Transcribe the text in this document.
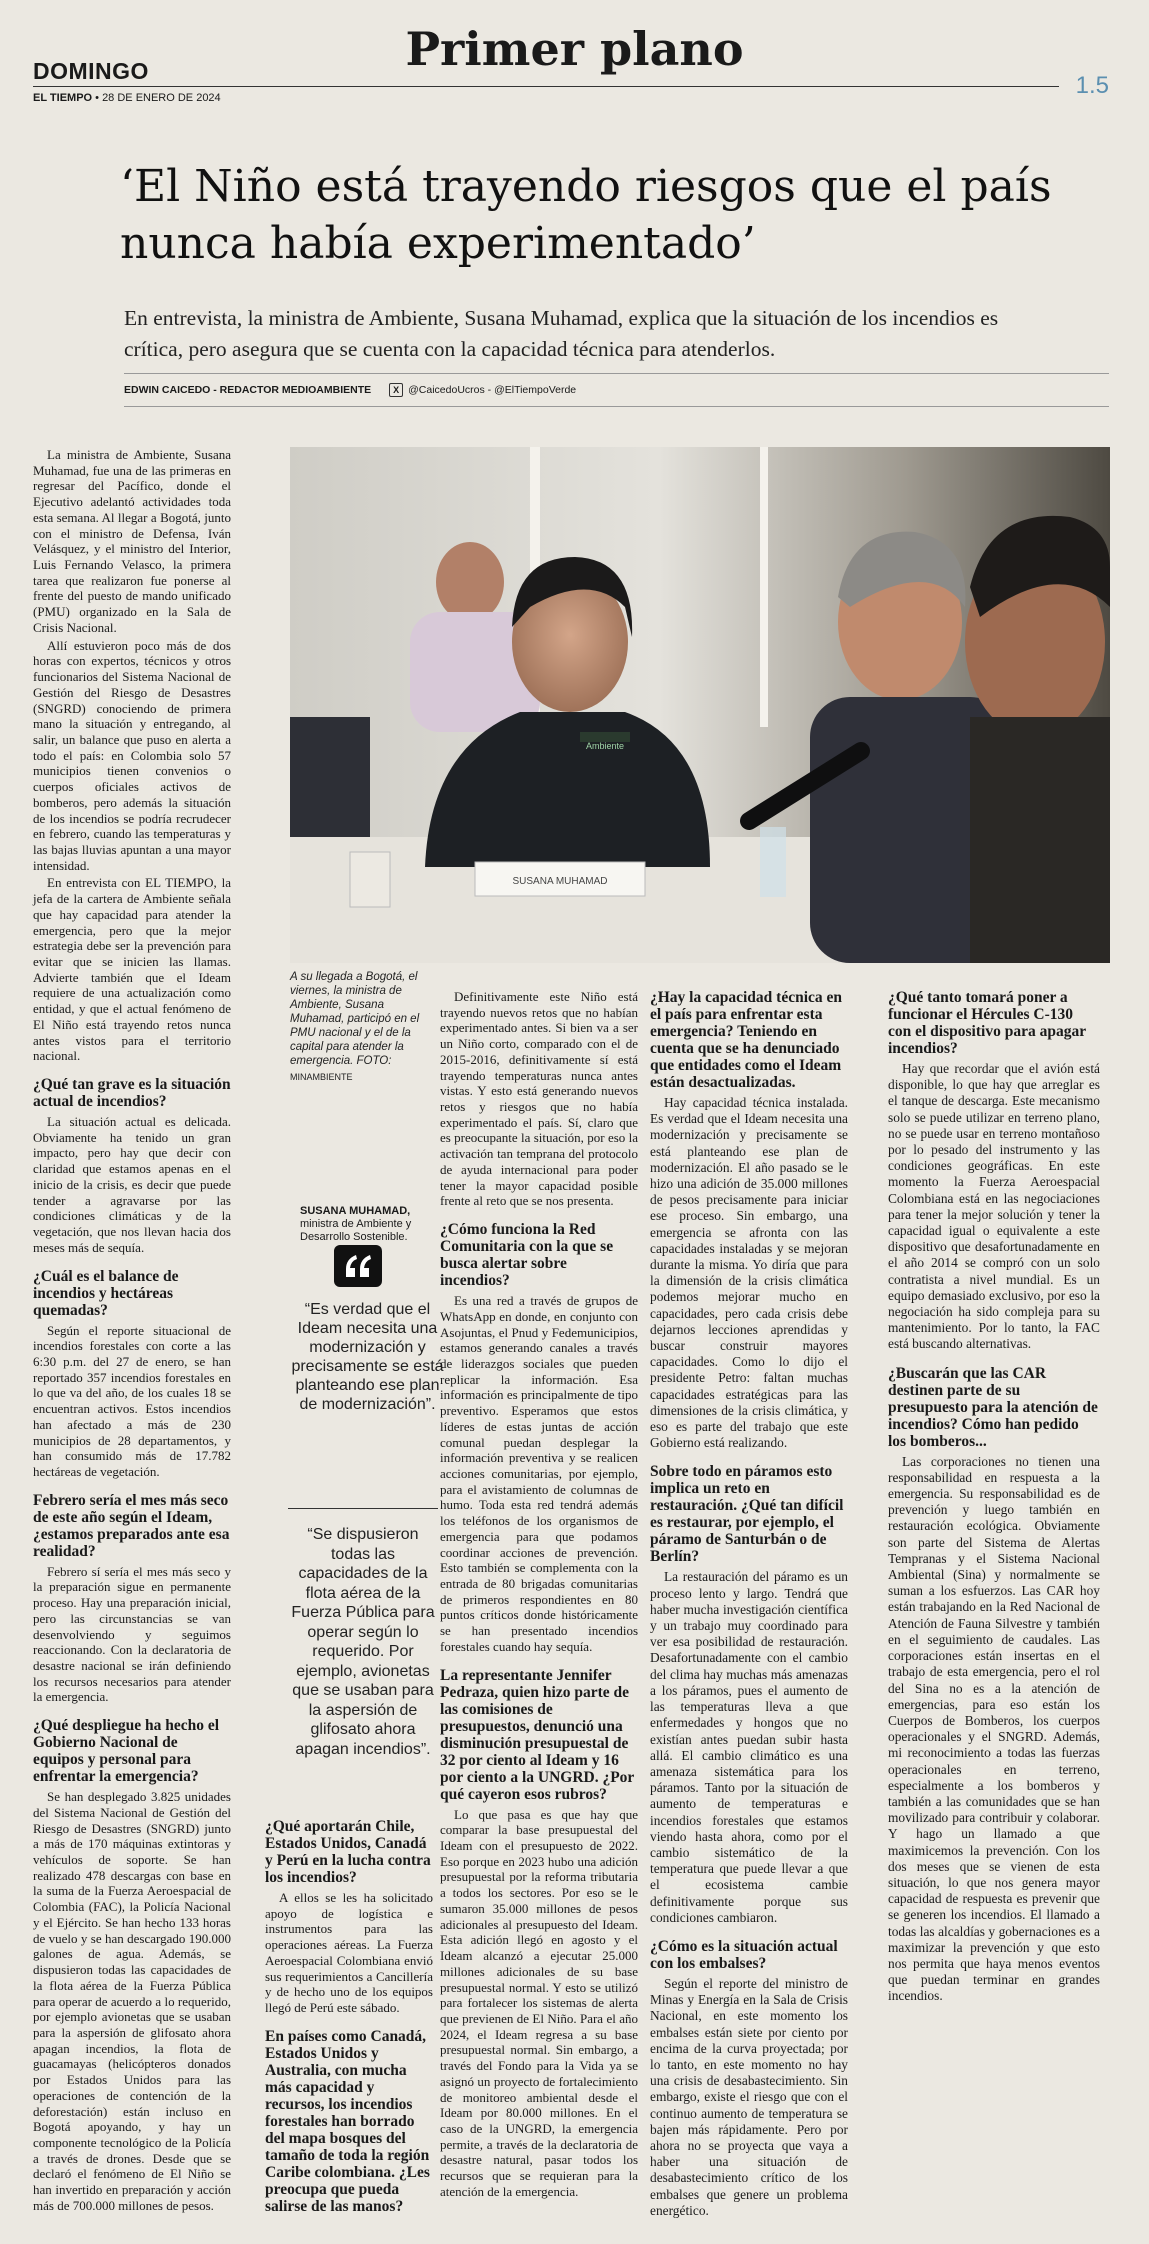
Primer plano
DOMINGO
EL TIEMPO • 28 DE ENERO DE 2024	1.5
‘El Niño está trayendo riesgos que el país nunca había experimentado’
En entrevista, la ministra de Ambiente, Susana Muhamad, explica que la situación de los incendios es crítica, pero asegura que se cuenta con la capacidad técnica para atenderlos.
EDWIN CAICEDO - REDACTOR MEDIOAMBIENTE	X @CaicedoUcros - @ElTiempoVerde

La ministra de Ambiente, Susana Muhamad, fue una de las primeras en regresar del Pacífico, donde el Ejecutivo adelantó actividades toda esta semana. Al llegar a Bogotá, junto con el ministro de Defensa, Iván Velásquez, y el ministro del Interior, Luis Fernando Velasco, la primera tarea que realizaron fue ponerse al frente del puesto de mando unificado (PMU) organizado en la Sala de Crisis Nacional.

Allí estuvieron poco más de dos horas con expertos, técnicos y otros funcionarios del Sistema Nacional de Gestión del Riesgo de Desastres (SNGRD) conociendo de primera mano la situación y entregando, al salir, un balance que puso en alerta a todo el país: en Colombia solo 57 municipios tienen convenios o cuerpos oficiales activos de bomberos, pero además la situación de los incendios se podría recrudecer en febrero, cuando las temperaturas y las bajas lluvias apuntan a una mayor intensidad.

En entrevista con EL TIEMPO, la jefa de la cartera de Ambiente señala que hay capacidad para atender la emergencia, pero que la mejor estrategia debe ser la prevención para evitar que se inicien las llamas. Advierte también que el Ideam requiere de una actualización como entidad, y que el actual fenómeno de El Niño está trayendo retos nunca antes vistos para el territorio nacional.

¿Qué tan grave es la situación actual de incendios?

La situación actual es delicada. Obviamente ha tenido un gran impacto, pero hay que decir con claridad que estamos apenas en el inicio de la crisis, es decir que puede tender a agravarse por las condiciones climáticas y de la vegetación, que nos llevan hacia dos meses más de sequía.

¿Cuál es el balance de incendios y hectáreas quemadas?

Según el reporte situacional de incendios forestales con corte a las 6:30 p.m. del 27 de enero, se han reportado 357 incendios forestales en lo que va del año, de los cuales 18 se encuentran activos. Estos incendios han afectado a más de 230 municipios de 28 departamentos, y han consumido más de 17.782 hectáreas de vegetación.

Febrero sería el mes más seco de este año según el Ideam, ¿estamos preparados ante esa realidad?

Febrero sí sería el mes más seco y la preparación sigue en permanente proceso. Hay una preparación inicial, pero las circunstancias se van desenvolviendo y seguimos reaccionando. Con la declaratoria de desastre nacional se irán definiendo los recursos necesarios para atender la emergencia.

¿Qué despliegue ha hecho el Gobierno Nacional de equipos y personal para enfrentar la emergencia?

Se han desplegado 3.825 unidades del Sistema Nacional de Gestión del Riesgo de Desastres (SNGRD) junto a más de 170 máquinas extintoras y vehículos de soporte. Se han realizado 478 descargas con base en la suma de la Fuerza Aeroespacial de Colombia (FAC), la Policía Nacional y el Ejército. Se han hecho 133 horas de vuelo y se han descargado 190.000 galones de agua. Además, se dispusieron todas las capacidades de la flota aérea de la Fuerza Pública para operar de acuerdo a lo requerido, por ejemplo avionetas que se usaban para la aspersión de glifosato ahora apagan incendios, la flota de guacamayas (helicópteros donados por Estados Unidos para las operaciones de contención de la deforestación) están incluso en Bogotá apoyando, y hay un componente tecnológico de la Policía a través de drones. Desde que se declaró el fenómeno de El Niño se han invertido en preparación y acción más de 700.000 millones de pesos.

Ambiente
SUSANA MUHAMAD
A su llegada a Bogotá, el viernes, la ministra de Ambiente, Susana Muhamad, participó en el PMU nacional y el de la capital para atender la emergencia. FOTO:
MINAMBIENTE
SUSANA MUHAMAD,
ministra de Ambiente y Desarrollo Sostenible.
“Es verdad que el Ideam necesita una modernización y precisamente se está planteando ese plan de modernización”.
“Se dispusieron todas las capacidades de la flota aérea de la Fuerza Pública para operar según lo requerido. Por ejemplo, avionetas que se usaban para la aspersión de glifosato ahora apagan incendios”.
¿Qué aportarán Chile, Estados Unidos, Canadá y Perú en la lucha contra los incendios?

A ellos se les ha solicitado apoyo de logística e instrumentos para las operaciones aéreas. La Fuerza Aeroespacial Colombiana envió sus requerimientos a Cancillería y de hecho uno de los equipos llegó de Perú este sábado.

En países como Canadá, Estados Unidos y Australia, con mucha más capacidad y recursos, los incendios forestales han borrado del mapa bosques del tamaño de toda la región Caribe colombiana. ¿Les preocupa que pueda salirse de las manos?

Definitivamente este Niño está trayendo nuevos retos que no habían experimentado antes. Si bien va a ser un Niño corto, comparado con el de 2015-2016, definitivamente sí está trayendo temperaturas nunca antes vistas. Y esto está generando nuevos retos y riesgos que no había experimentado el país. Sí, claro que es preocupante la situación, por eso la activación tan temprana del protocolo de ayuda internacional para poder tener la mayor capacidad posible frente al reto que se nos presenta.

¿Cómo funciona la Red Comunitaria con la que se busca alertar sobre incendios?

Es una red a través de grupos de WhatsApp en donde, en conjunto con Asojuntas, el Pnud y Fedemunicipios, estamos generando canales a través de liderazgos sociales que pueden replicar la información. Esa información es principalmente de tipo preventivo. Esperamos que estos líderes de estas juntas de acción comunal puedan desplegar la información preventiva y se realicen acciones comunitarias, por ejemplo, para el avistamiento de columnas de humo. Toda esta red tendrá además los teléfonos de los organismos de emergencia para que podamos coordinar acciones de prevención. Esto también se complementa con la entrada de 80 brigadas comunitarias de primeros respondientes en 80 puntos críticos donde históricamente se han presentado incendios forestales cuando hay sequía.

La representante Jennifer Pedraza, quien hizo parte de las comisiones de presupuestos, denunció una disminución presupuestal de 32 por ciento al Ideam y 16 por ciento a la UNGRD. ¿Por qué cayeron esos rubros?

Lo que pasa es que hay que comparar la base presupuestal del Ideam con el presupuesto de 2022. Eso porque en 2023 hubo una adición presupuestal por la reforma tributaria a todos los sectores. Por eso se le sumaron 35.000 millones de pesos adicionales al presupuesto del Ideam. Esta adición llegó en agosto y el Ideam alcanzó a ejecutar 25.000 millones adicionales de su base presupuestal normal. Y esto se utilizó para fortalecer los sistemas de alerta que previenen de El Niño. Para el año 2024, el Ideam regresa a su base presupuestal normal. Sin embargo, a través del Fondo para la Vida ya se asignó un proyecto de fortalecimiento de monitoreo ambiental desde el Ideam por 80.000 millones. En el caso de la UNGRD, la emergencia permite, a través de la declaratoria de desastre natural, pasar todos los recursos que se requieran para la atención de la emergencia.

¿Hay la capacidad técnica en el país para enfrentar esta emergencia? Teniendo en cuenta que se ha denunciado que entidades como el Ideam están desactualizadas.

Hay capacidad técnica instalada. Es verdad que el Ideam necesita una modernización y precisamente se está planteando ese plan de modernización. El año pasado se le hizo una adición de 35.000 millones de pesos precisamente para iniciar ese proceso. Sin embargo, una emergencia se afronta con las capacidades instaladas y se mejoran durante la misma. Yo diría que para la dimensión de la crisis climática podemos mejorar mucho en capacidades, pero cada crisis debe dejarnos lecciones aprendidas y buscar construir mayores capacidades. Como lo dijo el presidente Petro: faltan muchas capacidades estratégicas para las dimensiones de la crisis climática, y eso es parte del trabajo que este Gobierno está realizando.

Sobre todo en páramos esto implica un reto en restauración. ¿Qué tan difícil es restaurar, por ejemplo, el páramo de Santurbán o de Berlín?

La restauración del páramo es un proceso lento y largo. Tendrá que haber mucha investigación científica y un trabajo muy coordinado para ver esa posibilidad de restauración. Desafortunadamente con el cambio del clima hay muchas más amenazas a los páramos, pues el aumento de las temperaturas lleva a que enfermedades y hongos que no existían antes puedan subir hasta allá. El cambio climático es una amenaza sistemática para los páramos. Tanto por la situación de aumento de temperaturas e incendios forestales que estamos viendo hasta ahora, como por el cambio sistemático de la temperatura que puede llevar a que el ecosistema cambie definitivamente porque sus condiciones cambiaron.

¿Cómo es la situación actual con los embalses?

Según el reporte del ministro de Minas y Energía en la Sala de Crisis Nacional, en este momento los embalses están siete por ciento por encima de la curva proyectada; por lo tanto, en este momento no hay una crisis de desabastecimiento. Sin embargo, existe el riesgo que con el continuo aumento de temperatura se bajen más rápidamente. Pero por ahora no se proyecta que vaya a haber una situación de desabastecimiento crítico de los embalses que genere un problema energético.

¿Qué tanto tomará poner a funcionar el Hércules C-130 con el dispositivo para apagar incendios?

Hay que recordar que el avión está disponible, lo que hay que arreglar es el tanque de descarga. Este mecanismo solo se puede utilizar en terreno plano, no se puede usar en terreno montañoso por lo pesado del instrumento y las condiciones geográficas. En este momento la Fuerza Aeroespacial Colombiana está en las negociaciones para tener la mejor solución y tener la capacidad igual o equivalente a este dispositivo que desafortunadamente en el año 2014 se compró con un solo contratista a nivel mundial. Es un equipo demasiado exclusivo, por eso la negociación ha sido compleja para su mantenimiento. Por lo tanto, la FAC está buscando alternativas.

¿Buscarán que las CAR destinen parte de su presupuesto para la atención de incendios? Cómo han pedido los bomberos...

Las corporaciones no tienen una responsabilidad en respuesta a la emergencia. Su responsabilidad es de prevención y luego también en restauración ecológica. Obviamente son parte del Sistema de Alertas Tempranas y el Sistema Nacional Ambiental (Sina) y normalmente se suman a los esfuerzos. Las CAR hoy están trabajando en la Red Nacional de Atención de Fauna Silvestre y también en el seguimiento de caudales. Las corporaciones están insertas en el trabajo de esta emergencia, pero el rol del Sina no es a la atención de emergencias, para eso están los Cuerpos de Bomberos, los cuerpos operacionales y el SNGRD. Además, mi reconocimiento a todas las fuerzas operacionales en terreno, especialmente a los bomberos y también a las comunidades que se han movilizado para contribuir y colaborar. Y hago un llamado a que maximicemos la prevención. Con los dos meses que se vienen de esta situación, lo que nos genera mayor capacidad de respuesta es prevenir que se generen los incendios. El llamado a todas las alcaldías y gobernaciones es a maximizar la prevención y que esto nos permita que haya menos eventos que puedan terminar en grandes incendios.
